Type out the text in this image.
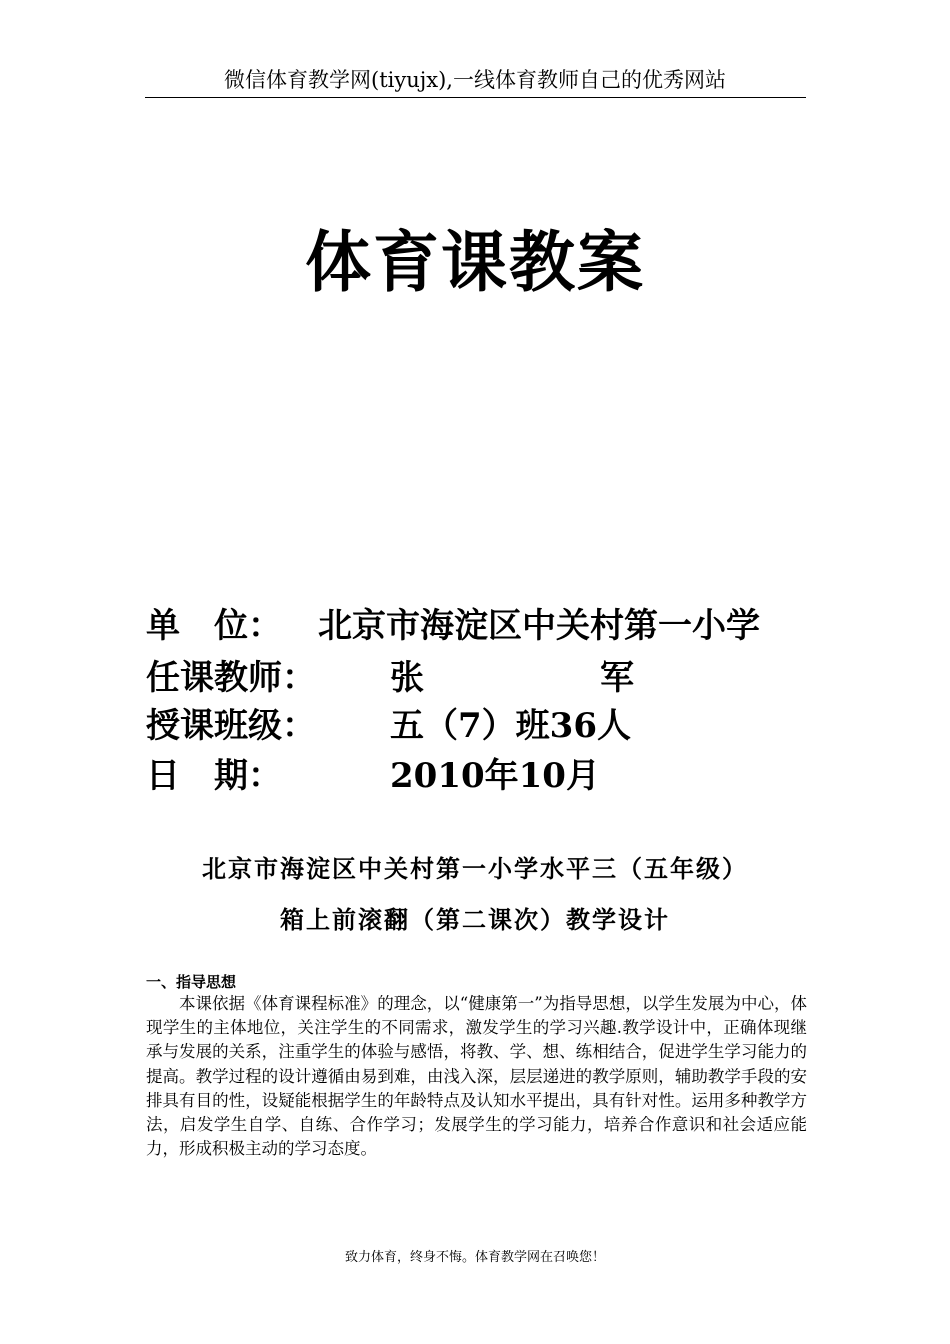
微信体育教学网(tiyujx),一线体育教师自己的优秀网站
体育课教案
单　位： 北京市海淀区中关村第一小学
任课教师： 张　　军
授课班级： 五（7）班36人
日　期：	2010年10月
北京市海淀区中关村第一小学水平三（五年级）
箱上前滚翻（第二课次）教学设计
一、指导思想

本课依据《体育课程标准》的理念，以“健康第一”为指导思想，以学生发展为中心，体现学生的主体地位，关注学生的不同需求，激发学生的学习兴趣.教学设计中，正确体现继承与发展的关系，注重学生的体验与感悟，将教、学、想、练相结合，促进学生学习能力的提高。教学过程的设计遵循由易到难，由浅入深，层层递进的教学原则，辅助教学手段的安排具有目的性，设疑能根据学生的年龄特点及认知水平提出，具有针对性。运用多种教学方法，启发学生自学、自练、合作学习；发展学生的学习能力，培养合作意识和社会适应能力，形成积极主动的学习态度。

致力体育，终身不悔。体育教学网在召唤您！
